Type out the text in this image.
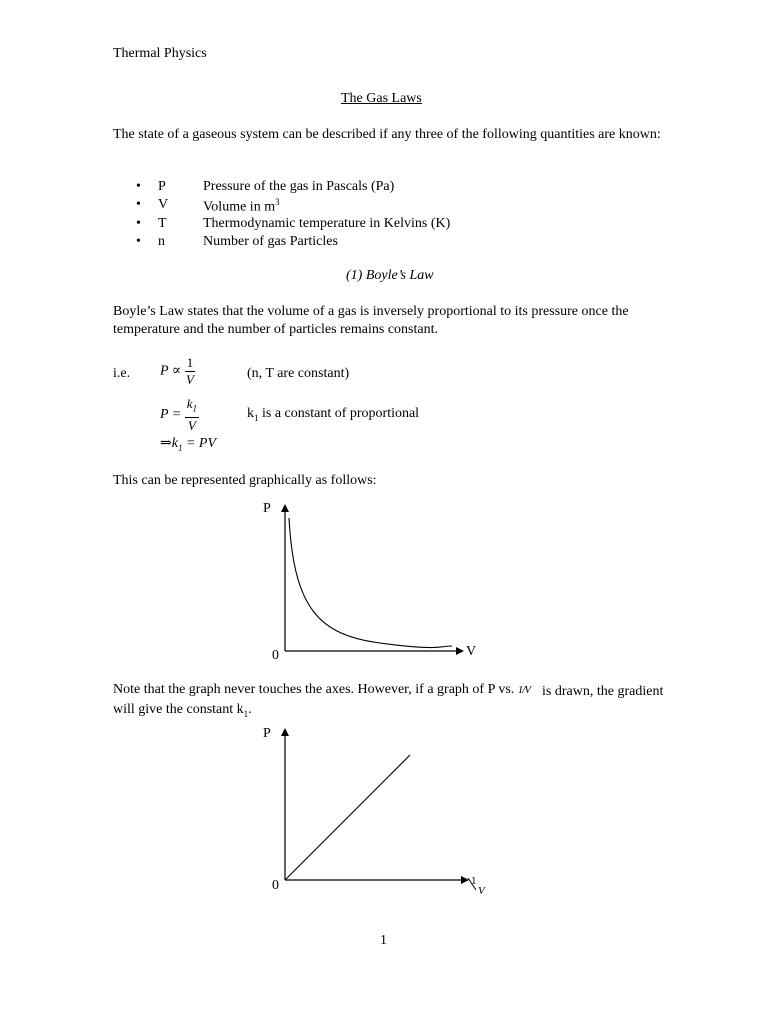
Thermal Physics
The Gas Laws
The state of a gaseous system can be described if any three of the following quantities are known:
• P	Pressure of the gas in Pascals (Pa)
• V Volume in $m^3$
• T	Thermodynamic temperature in Kelvins (K)
• n	Number of gas Particles
(1) Boyle’s Law
Boyle’s Law states that the volume of a gas is inversely proportional to its pressure once the temperature and the number of particles remains constant.
i.e. $P \propto \frac{1}{V}$	(n, T are constant)
$P = \frac{k_1}{V}$	$k_1$ is a constant of proportional
$\Rightarrow k_1$ = PV
This can be represented graphically as follows:
P
0	V
Note that the graph never touches the axes. However, if a graph of P vs. 1/V is drawn, the gradient will give the constant $k_1$.
P
0	1
V
1
